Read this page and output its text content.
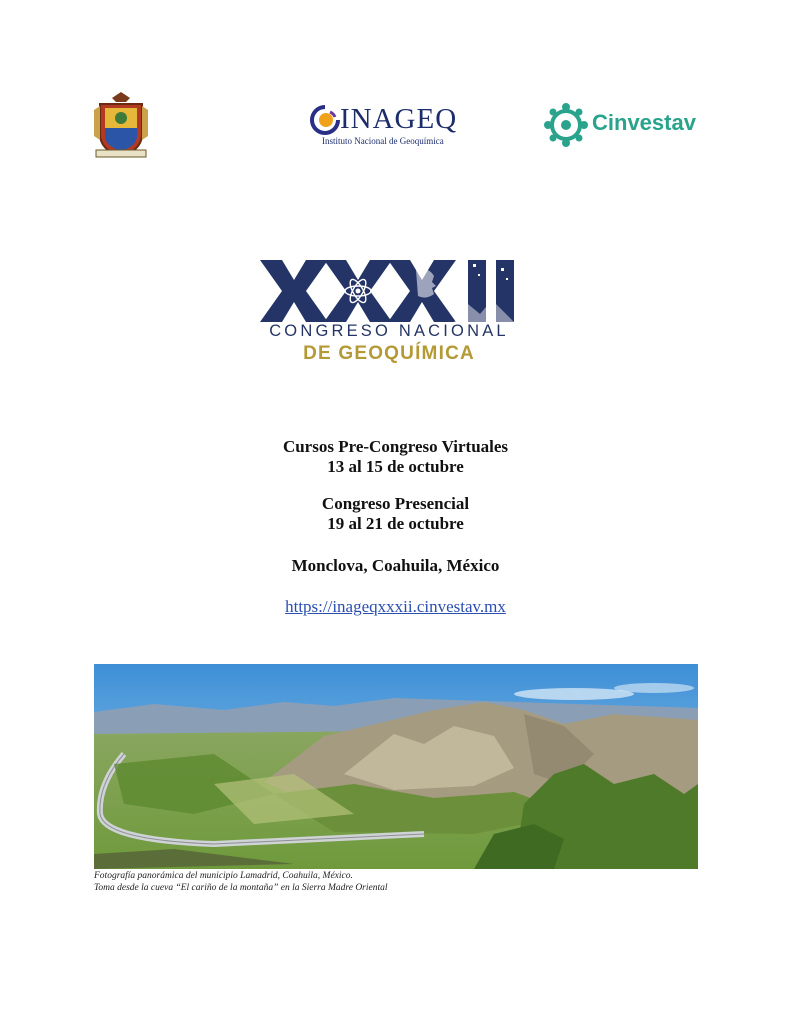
INAGEQ
Instituto Nacional de Geoquímica
Cinvestav
CONGRESO NACIONAL
DE GEOQUÍMICA
Cursos Pre-Congreso Virtuales
13 al 15 de octubre
Congreso Presencial
19 al 21 de octubre
Monclova, Coahuila, México
https://inageqxxxii.cinvestav.mx
Fotografía panorámica del municipio Lamadrid, Coahuila, México.
Toma desde la cueva “El cariño de la montaña” en la Sierra Madre Oriental
